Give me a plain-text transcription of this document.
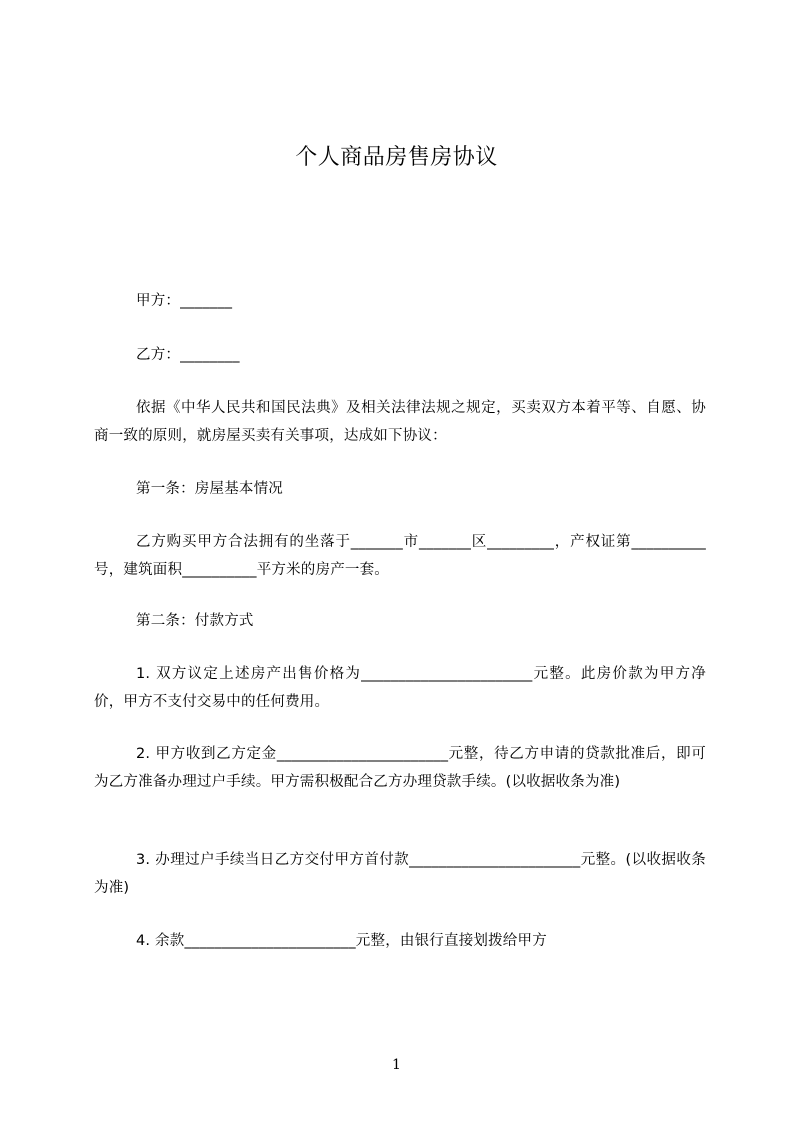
个人商品房售房协议
甲方：_______
乙方：________
依据《中华人民共和国民法典》及相关法律法规之规定，买卖双方本着平等、自愿、协商一致的原则，就房屋买卖有关事项，达成如下协议：
第一条：房屋基本情况
乙方购买甲方合法拥有的坐落于_______市_______区_________，产权证第__________号，建筑面积__________平方米的房产一套。
第二条：付款方式
1. 双方议定上述房产出售价格为_______________________元整。此房价款为甲方净价，甲方不支付交易中的任何费用。
2. 甲方收到乙方定金_______________________元整，待乙方申请的贷款批准后，即可为乙方准备办理过户手续。甲方需积极配合乙方办理贷款手续。(以收据收条为准)
3. 办理过户手续当日乙方交付甲方首付款_______________________元整。(以收据收条为准)
4. 余款_______________________元整，由银行直接划拨给甲方
1
